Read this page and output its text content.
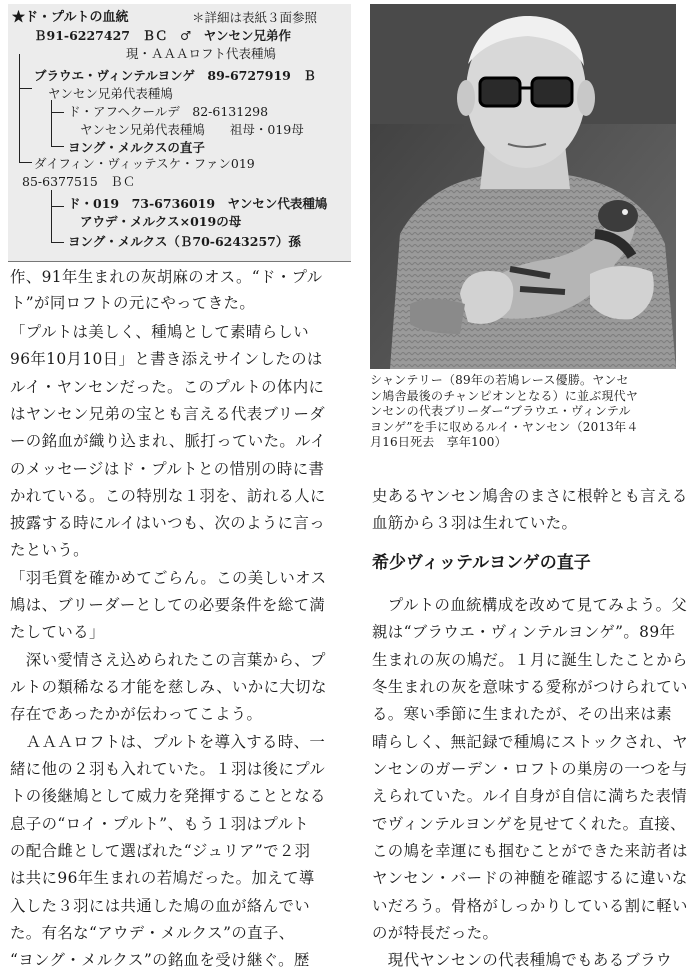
★ド・プルトの血統	＊詳細は表紙３面参照
Ｂ91-6227427　ＢＣ　♂　ヤンセン兄弟作
現・ＡＡＡロフト代表種鳩
ブラウエ・ヴィンテルヨンゲ　89-6727919　Ｂ
ヤンセン兄弟代表種鳩
ド・アフヘクールデ　82-6131298
ヤンセン兄弟代表種鳩　　祖母・019母
ヨング・メルクスの直子
ダイフィン・ヴィッテスケ・ファン019
85-6377515　ＢＣ
ド・019　73-6736019　ヤンセン代表種鳩
アウデ・メルクス×019の母
ヨング・メルクス（Ｂ70-6243257）孫
シャンテリー（89年の若鳩レース優勝。ヤンセ
ン鳩舎最後のチャンピオンとなる）に並ぶ現代ヤ
ンセンの代表ブリーダー“ブラウエ・ヴィンテル
ヨンゲ”を手に収めるルイ・ヤンセン（2013年４
月16日死去　享年100）
作、91年生まれの灰胡麻のオス。“ド・プル
ト”が同ロフトの元にやってきた。
「プルトは美しく、種鳩として素晴らしい
96年10月10日」と書き添えサインしたのは
ルイ・ヤンセンだった。このプルトの体内に
はヤンセン兄弟の宝とも言える代表ブリーダ
ーの銘血が織り込まれ、脈打っていた。ルイ
のメッセージはド・プルトとの惜別の時に書
かれている。この特別な１羽を、訪れる人に
披露する時にルイはいつも、次のように言っ
たという。
「羽毛質を確かめてごらん。この美しいオス
鳩は、ブリーダーとしての必要条件を総て満
たしている」
　深い愛情さえ込められたこの言葉から、プ
ルトの類稀なる才能を慈しみ、いかに大切な
存在であったかが伝わってこよう。
　ＡＡＡロフトは、プルトを導入する時、一
緒に他の２羽も入れていた。１羽は後にプル
トの後継鳩として威力を発揮することとなる
息子の“ロイ・プルト”、もう１羽はプルト
の配合雌として選ばれた“ジュリア”で２羽
は共に96年生まれの若鳩だった。加えて導
入した３羽には共通した鳩の血が絡んでい
た。有名な“アウデ・メルクス”の直子、
“ヨング・メルクス”の銘血を受け継ぐ。歴
史あるヤンセン鳩舎のまさに根幹とも言える
血筋から３羽は生れていた。
希少ヴィッテルヨンゲの直子
　プルトの血統構成を改めて見てみよう。父
親は“ブラウエ・ヴィンテルヨンゲ”。89年
生まれの灰の鳩だ。１月に誕生したことから
冬生まれの灰を意味する愛称がつけられてい
る。寒い季節に生まれたが、その出来は素
晴らしく、無記録で種鳩にストックされ、ヤ
ンセンのガーデン・ロフトの巣房の一つを与
えられていた。ルイ自身が自信に満ちた表情
でヴィンテルヨンゲを見せてくれた。直接、
この鳩を幸運にも掴むことができた来訪者は
ヤンセン・バードの神髄を確認するに違いな
いだろう。骨格がしっかりしている割に軽い
のが特長だった。
　現代ヤンセンの代表種鳩でもあるブラウ
